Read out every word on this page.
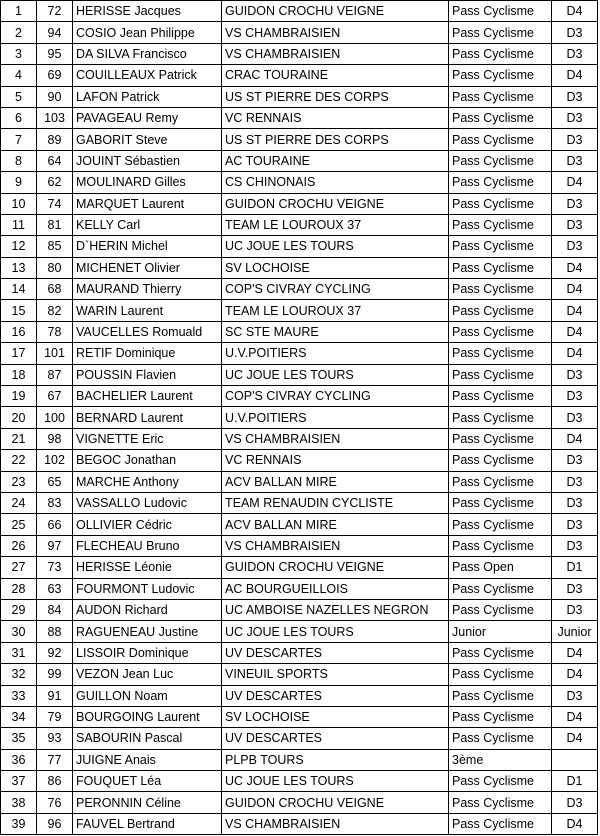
1	72	HERISSE Jacques	GUIDON CROCHU VEIGNE	Pass Cyclisme	D4
2	94	COSIO Jean Philippe	VS CHAMBRAISIEN	Pass Cyclisme	D3
3	95	DA SILVA Francisco	VS CHAMBRAISIEN	Pass Cyclisme	D3
4	69	COUILLEAUX Patrick	CRAC TOURAINE	Pass Cyclisme	D4
5	90	LAFON Patrick	US ST PIERRE DES CORPS	Pass Cyclisme	D3
6	103	PAVAGEAU Remy	VC RENNAIS	Pass Cyclisme	D3
7	89	GABORIT Steve	US ST PIERRE DES CORPS	Pass Cyclisme	D3
8	64	JOUINT Sébastien	AC TOURAINE	Pass Cyclisme	D3
9	62	MOULINARD Gilles	CS CHINONAIS	Pass Cyclisme	D4
10	74	MARQUET Laurent	GUIDON CROCHU VEIGNE	Pass Cyclisme	D3
11	81	KELLY Carl	TEAM LE LOUROUX 37	Pass Cyclisme	D3
12	85	D`HERIN Michel	UC JOUE LES TOURS	Pass Cyclisme	D3
13	80	MICHENET Olivier	SV LOCHOISE	Pass Cyclisme	D4
14	68	MAURAND Thierry	COP'S CIVRAY CYCLING	Pass Cyclisme	D4
15	82	WARIN Laurent	TEAM LE LOUROUX 37	Pass Cyclisme	D4
16	78	VAUCELLES Romuald	SC STE MAURE	Pass Cyclisme	D4
17	101	RETIF Dominique	U.V.POITIERS	Pass Cyclisme	D4
18	87	POUSSIN Flavien	UC JOUE LES TOURS	Pass Cyclisme	D3
19	67	BACHELIER Laurent	COP'S CIVRAY CYCLING	Pass Cyclisme	D3
20	100	BERNARD Laurent	U.V.POITIERS	Pass Cyclisme	D3
21	98	VIGNETTE Eric	VS CHAMBRAISIEN	Pass Cyclisme	D4
22	102	BEGOC Jonathan	VC RENNAIS	Pass Cyclisme	D3
23	65	MARCHE Anthony	ACV BALLAN MIRE	Pass Cyclisme	D3
24	83	VASSALLO Ludovic	TEAM RENAUDIN CYCLISTE	Pass Cyclisme	D3
25	66	OLLIVIER Cédric	ACV BALLAN MIRE	Pass Cyclisme	D3
26	97	FLECHEAU Bruno	VS CHAMBRAISIEN	Pass Cyclisme	D3
27	73	HERISSE Léonie	GUIDON CROCHU VEIGNE	Pass Open	D1
28	63	FOURMONT Ludovic	AC BOURGUEILLOIS	Pass Cyclisme	D3
29	84	AUDON Richard	UC AMBOISE NAZELLES NEGRON	Pass Cyclisme	D3
30	88	RAGUENEAU Justine	UC JOUE LES TOURS	Junior	Junior
31	92	LISSOIR Dominique	UV DESCARTES	Pass Cyclisme	D4
32	99	VEZON Jean Luc	VINEUIL SPORTS	Pass Cyclisme	D4
33	91	GUILLON Noam	UV DESCARTES	Pass Cyclisme	D3
34	79	BOURGOING Laurent	SV LOCHOISE	Pass Cyclisme	D4
35	93	SABOURIN Pascal	UV DESCARTES	Pass Cyclisme	D4
36	77	JUIGNE Anais	PLPB TOURS	3ème	
37	86	FOUQUET Léa	UC JOUE LES TOURS	Pass Cyclisme	D1
38	76	PERONNIN Céline	GUIDON CROCHU VEIGNE	Pass Cyclisme	D3
39	96	FAUVEL Bertrand	VS CHAMBRAISIEN	Pass Cyclisme	D4
